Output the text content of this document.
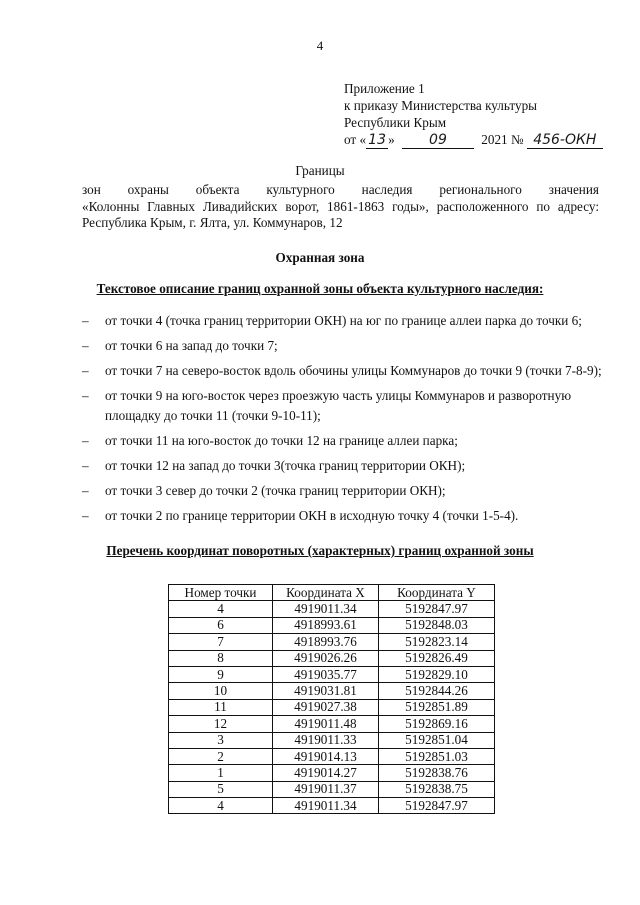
4
Приложение 1
к приказу Министерства культуры
Республики Крым
от « 13 » 09	2021 № 456-ОКН
Границы
зон охраны объекта культурного наследия регионального значения
«Колонны Главных Ливадийских ворот, 1861-1863 годы», расположенного по адресу: Республика Крым, г. Ялта, ул. Коммунаров, 12
Охранная зона
Текстовое описание границ охранной зоны объекта культурного наследия:
– от точки 4 (точка границ территории ОКН) на юг по границе аллеи парка до точки 6;
– от точки 6 на запад до точки 7;
– от точки 7 на северо-восток вдоль обочины улицы Коммунаров до точки 9 (точки 7-8-9);
– от точки 9 на юго-восток через проезжую часть улицы Коммунаров и разворотную площадку до точки 11 (точки 9-10-11);
– от точки 11 на юго-восток до точки 12 на границе аллеи парка;
– от точки 12 на запад до точки 3(точка границ территории ОКН);
– от точки 3 север до точки 2 (точка границ территории ОКН);
– от точки 2 по границе территории ОКН в исходную точку 4 (точки 1-5-4).
Перечень координат поворотных (характерных) границ охранной зоны
Номер точки	Координата X	Координата Y
4	4919011.34	5192847.97
6	4918993.61	5192848.03
7	4918993.76	5192823.14
8	4919026.26	5192826.49
9	4919035.77	5192829.10
10	4919031.81	5192844.26
11	4919027.38	5192851.89
12	4919011.48	5192869.16
3	4919011.33	5192851.04
2	4919014.13	5192851.03
1	4919014.27	5192838.76
5	4919011.37	5192838.75
4	4919011.34	5192847.97
